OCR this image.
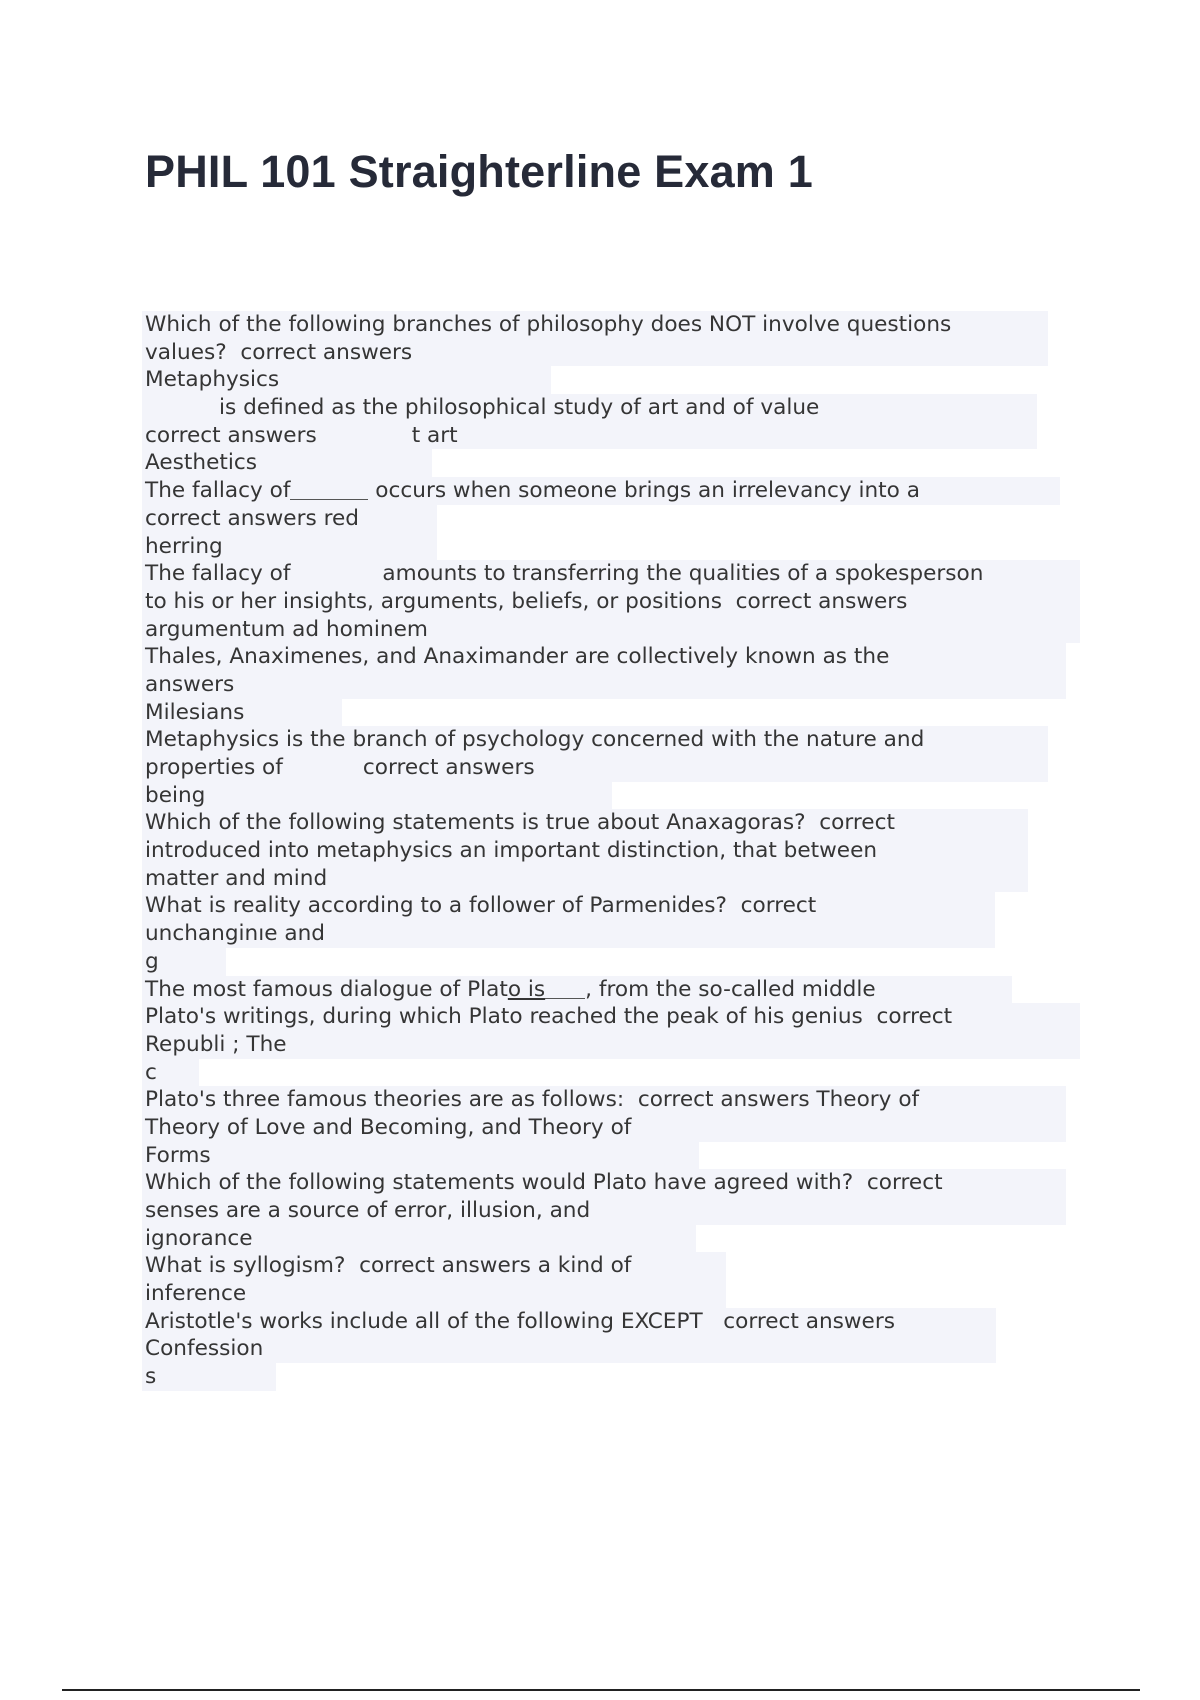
PHIL 101 Straighterline Exam 1
Which of the following branches of philosophy does NOT involve questions
values?  correct answers
Metaphysics
is defined as the philosophical study of art and of value
correct answers	t art
Aesthetics
The fallacy of	occurs when someone brings an irrelevancy into a
correct answers red
herring
The fallacy of	amounts to transferring the qualities of a spokesperson
to his or her insights, arguments, beliefs, or positions  correct answers
argumentum ad hominem
Thales, Anaximenes, and Anaximander are collectively known as the
answers
Milesians
Metaphysics is the branch of psychology concerned with the nature and
properties of	correct answers
being
Which of the following statements is true about Anaxagoras?  correct
introduced into metaphysics an important distinction, that between
matter and mind
What is reality according to a follower of Parmenides?  correct
unchanginıe and
g
The most famous dialogue of Plato is , from the so-called middle
Plato's writings, during which Plato reached the peak of his genius  correct
Republi ; The
c
Plato's three famous theories are as follows:  correct answers Theory of
Theory of Love and Becoming, and Theory of
Forms
Which of the following statements would Plato have agreed with?  correct
senses are a source of error, illusion, and
ignorance
What is syllogism?  correct answers a kind of
inference
Aristotle's works include all of the following EXCEPT   correct answers
Confession
s
